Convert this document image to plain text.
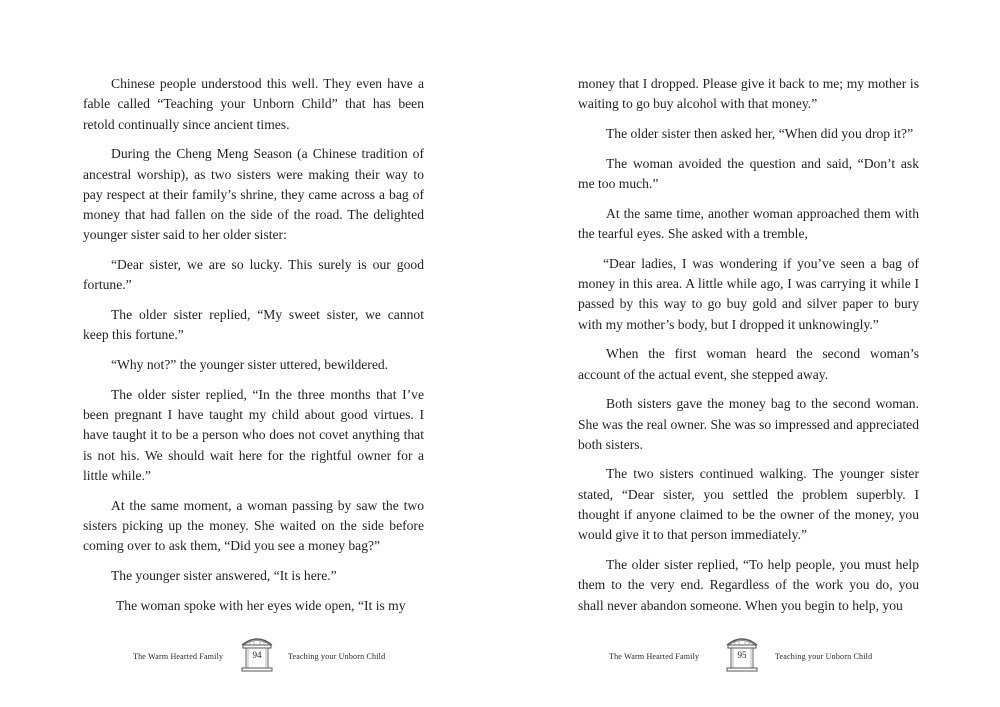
Chinese people understood this well. They even have a fable called “Teaching your Unborn Child” that has been retold continually since ancient times.

During the Cheng Meng Season (a Chinese tradition of ancestral worship), as two sisters were making their way to pay respect at their family’s shrine, they came across a bag of money that had fallen on the side of the road. The delighted younger sister said to her older sister:

“Dear sister, we are so lucky. This surely is our good fortune.”

The older sister replied, “My sweet sister, we cannot keep this fortune.”

“Why not?” the younger sister uttered, bewildered.

The older sister replied, “In the three months that I’ve been pregnant I have taught my child about good virtues. I have taught it to be a person who does not covet anything that is not his. We should wait here for the rightful owner for a little while.”

At the same moment, a woman passing by saw the two sisters picking up the money. She waited on the side before coming over to ask them, “Did you see a money bag?”

The younger sister answered, “It is here.”

The woman spoke with her eyes wide open, “It is my

The Warm Hearted Family	94	Teaching your Unborn Child

money that I dropped. Please give it back to me; my mother is waiting to go buy alcohol with that money.”

The older sister then asked her, “When did you drop it?”

The woman avoided the question and said, “Don’t ask me too much.”

At the same time, another woman approached them with the tearful eyes. She asked with a tremble,

“Dear ladies, I was wondering if you’ve seen a bag of money in this area. A little while ago, I was carrying it while I passed by this way to go buy gold and silver paper to bury with my mother’s body, but I dropped it unknowingly.”

When the first woman heard the second woman’s account of the actual event, she stepped away.

Both sisters gave the money bag to the second woman. She was the real owner. She was so impressed and appreciated both sisters.

The two sisters continued walking. The younger sister stated, “Dear sister, you settled the problem superbly. I thought if anyone claimed to be the owner of the money, you would give it to that person immediately.”

The older sister replied, “To help people, you must help them to the very end. Regardless of the work you do, you shall never abandon someone. When you begin to help, you

The Warm Hearted Family	95	Teaching your Unborn Child
